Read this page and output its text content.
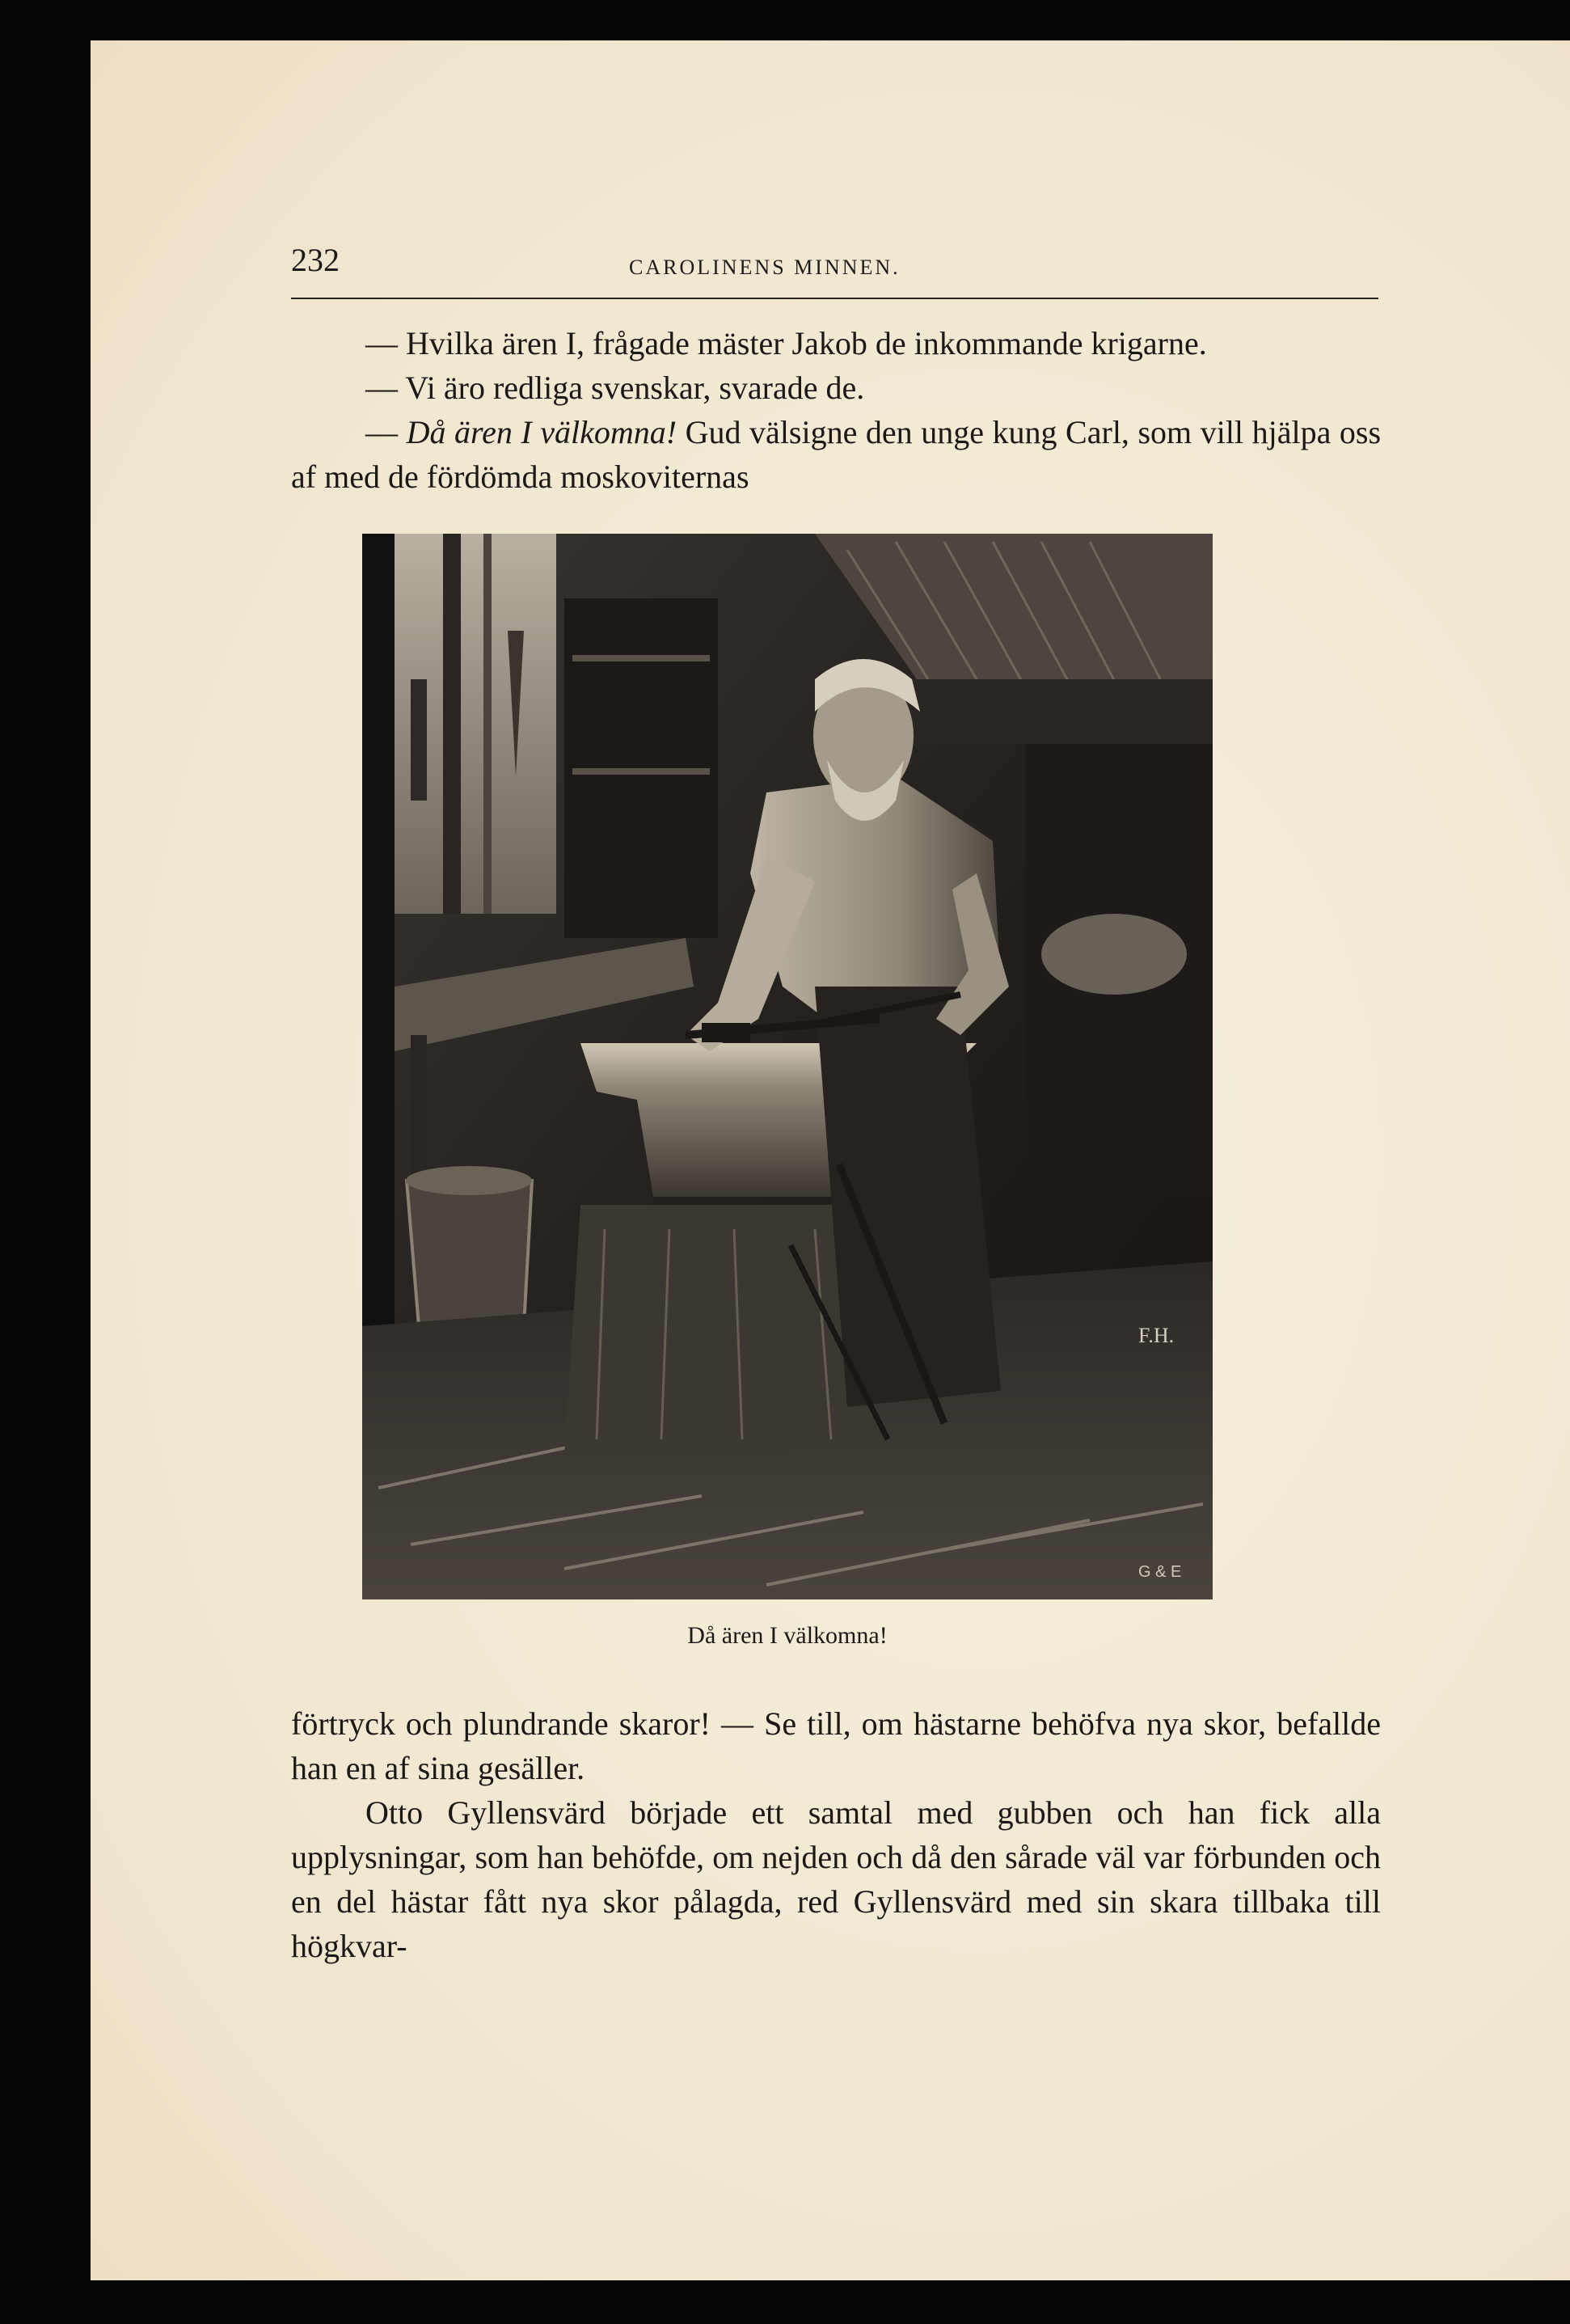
232	CAROLINENS MINNEN.

— Hvilka ären I, frågade mäster Jakob de inkommande krigarne.

— Vi äro redliga svenskar, svarade de.

— Då ären I välkomna! Gud välsigne den unge kung Carl, som vill hjälpa oss af med de fördömda moskoviternas

F.H.
G & E
Då ären I välkomna!

förtryck och plundrande skaror! — Se till, om hästarne behöfva nya skor, befallde han en af sina gesäller.

Otto Gyllensvärd började ett samtal med gubben och han fick alla upplysningar, som han behöfde, om nejden och då den sårade väl var förbunden och en del hästar fått nya skor pålagda, red Gyllensvärd med sin skara tillbaka till högkvar-
